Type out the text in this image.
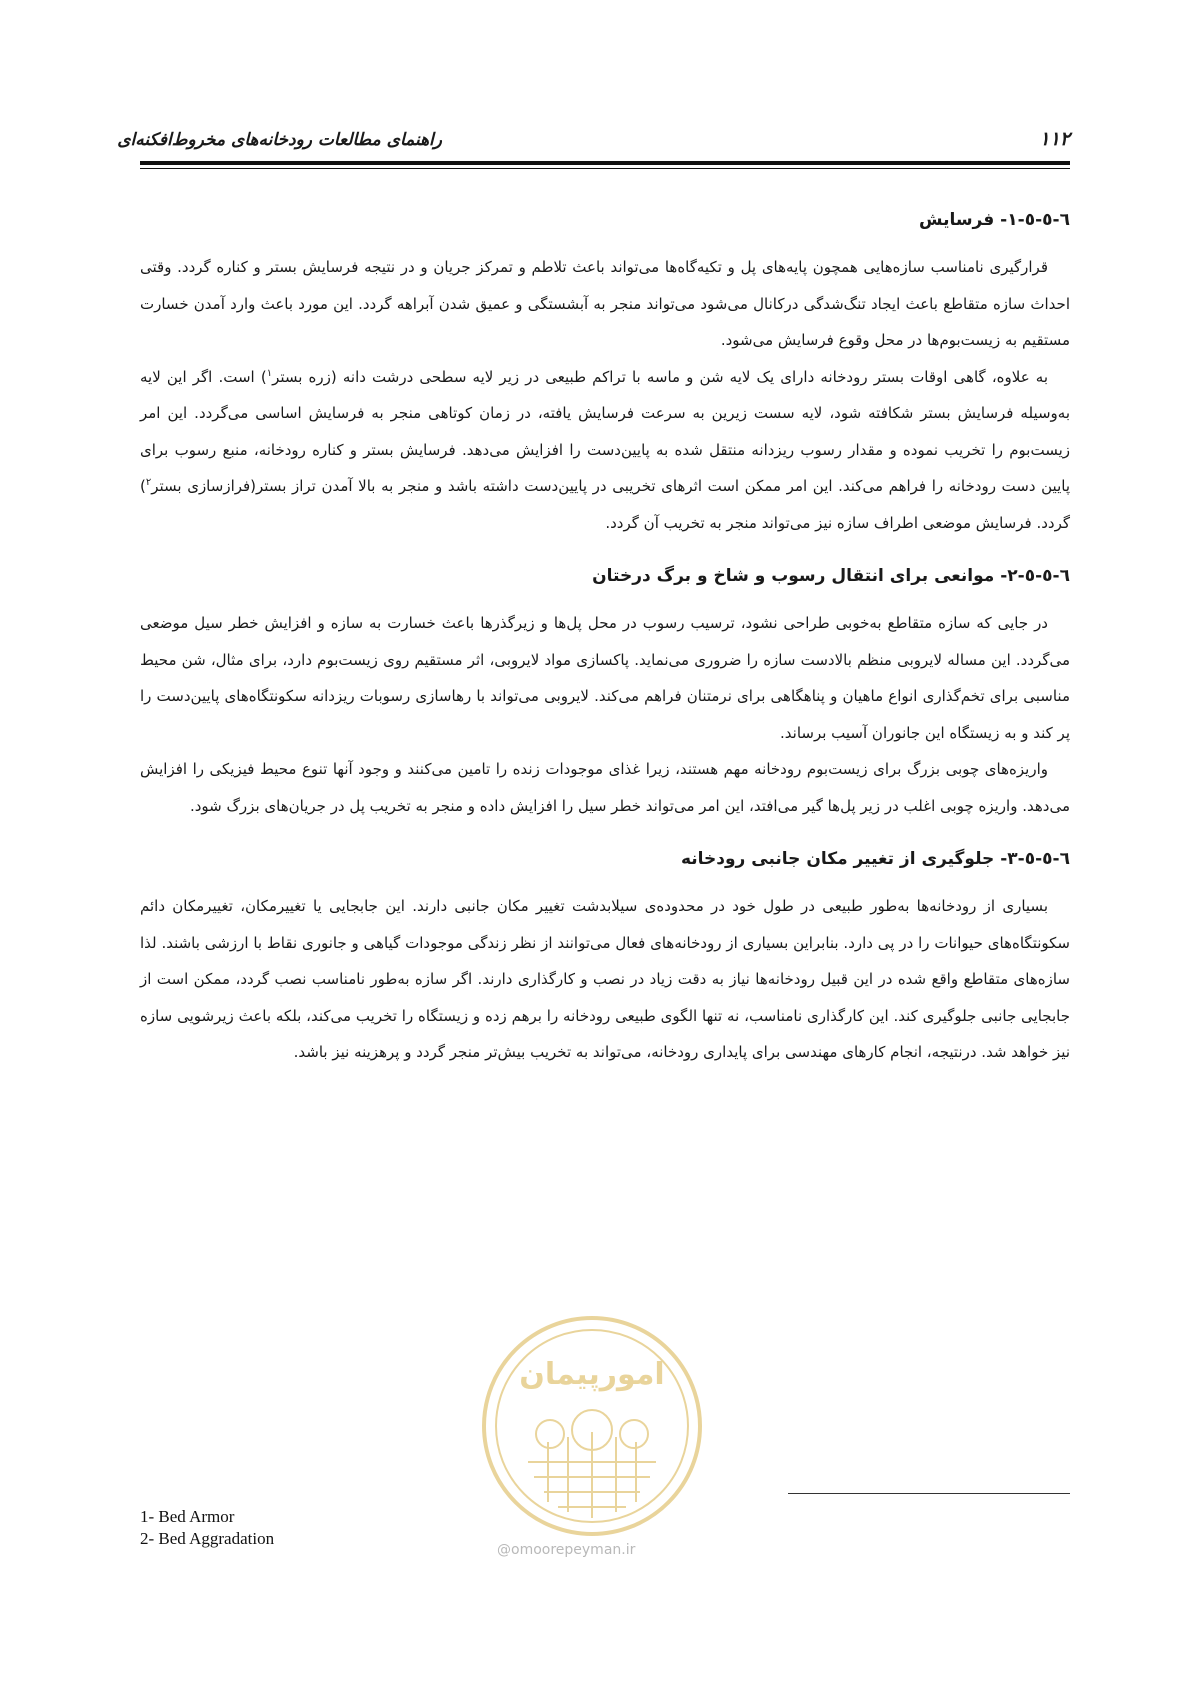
راهنمای مطالعات رودخانه‌های مخروط‌افکنه‌ای	۱۱۲
٦-٥-٥-١- فرسایش

قرارگیری نامناسب سازه‌هایی همچون پایه‌های پل و تکیه‌گاه‌ها می‌تواند باعث تلاطم و تمرکز جریان و در نتیجه فرسایش بستر و کناره گردد. وقتی احداث سازه متقاطع باعث ایجاد تنگ‌شدگی درکانال می‌شود می‌تواند منجر به آبشستگی و عمیق شدن آبراهه گردد. این مورد باعث وارد آمدن خسارت مستقیم به زیست‌بوم‌ها در محل وقوع فرسایش می‌شود.

به علاوه، گاهی اوقات بستر رودخانه دارای یک لایه شن و ماسه با تراکم طبیعی در زیر لایه سطحی درشت دانه (زره بستر$^١$) است. اگر این لایه به‌وسیله فرسایش بستر شکافته شود، لایه سست زیرین به سرعت فرسایش یافته، در زمان کوتاهی منجر به فرسایش اساسی می‌گردد. این امر زیست‌بوم را تخریب نموده و مقدار رسوب ریزدانه منتقل شده به پایین‌دست را افزایش می‌دهد. فرسایش بستر و کناره رودخانه، منبع رسوب برای پایین دست رودخانه را فراهم می‌کند. این امر ممکن است اثرهای تخریبی در پایین‌دست داشته باشد و منجر به بالا آمدن تراز بستر(فرازسازی بستر$^٢$) گردد. فرسایش موضعی اطراف سازه نیز می‌تواند منجر به تخریب آن گردد.

٦-٥-٥-٢- موانعی برای انتقال رسوب و شاخ و برگ درختان

در جایی که سازه متقاطع به‌خوبی طراحی نشود، ترسیب رسوب در محل پل‌ها و زیرگذرها باعث خسارت به سازه و افزایش خطر سیل موضعی می‌گردد. این مساله لایروبی منظم بالادست سازه را ضروری می‌نماید. پاکسازی مواد لایروبی، اثر مستقیم روی زیست‌بوم دارد، برای مثال، شن محیط مناسبی برای تخم‌گذاری انواع ماهیان و پناهگاهی برای نرمتنان فراهم می‌کند. لایروبی می‌تواند با رهاسازی رسوبات ریزدانه سکونتگاه‌های پایین‌دست را پر کند و به زیستگاه این جانوران آسیب برساند.

واریزه‌های چوبی بزرگ برای زیست‌بوم رودخانه مهم هستند، زیرا غذای موجودات زنده را تامین می‌کنند و وجود آنها تنوع محیط فیزیکی را افزایش می‌دهد. واریزه چوبی اغلب در زیر پل‌ها گیر می‌افتد، این امر می‌تواند خطر سیل را افزایش داده و منجر به تخریب پل در جریان‌های بزرگ شود.

٦-٥-٥-٣- جلوگیری از تغییر مکان جانبی رودخانه

بسیاری از رودخانه‌ها به‌طور طبیعی در طول خود در محدوده‌ی سیلابدشت تغییر مکان جانبی دارند. این جابجایی یا تغییرمکان، تغییرمکان دائم سکونتگاه‌های حیوانات را در پی دارد. بنابراین بسیاری از رودخانه‌های فعال می‌توانند از نظر زندگی موجودات گیاهی و جانوری نقاط با ارزشی باشند. لذا سازه‌های متقاطع واقع شده در این قبیل رودخانه‌ها نیاز به دقت زیاد در نصب و کارگذاری دارند. اگر سازه به‌طور نامناسب نصب گردد، ممکن است از جابجایی جانبی جلوگیری کند. این کارگذاری نامناسب، نه تنها الگوی طبیعی رودخانه را برهم زده و زیستگاه را تخریب می‌کند، بلکه باعث زیرشویی سازه نیز خواهد شد. درنتیجه، انجام کارهای مهندسی برای پایداری رودخانه، می‌تواند به تخریب بیش‌تر منجر گردد و پرهزینه نیز باشد.

امورپیمان
@omoorepeyman.ir
1- Bed Armor
2- Bed Aggradation
